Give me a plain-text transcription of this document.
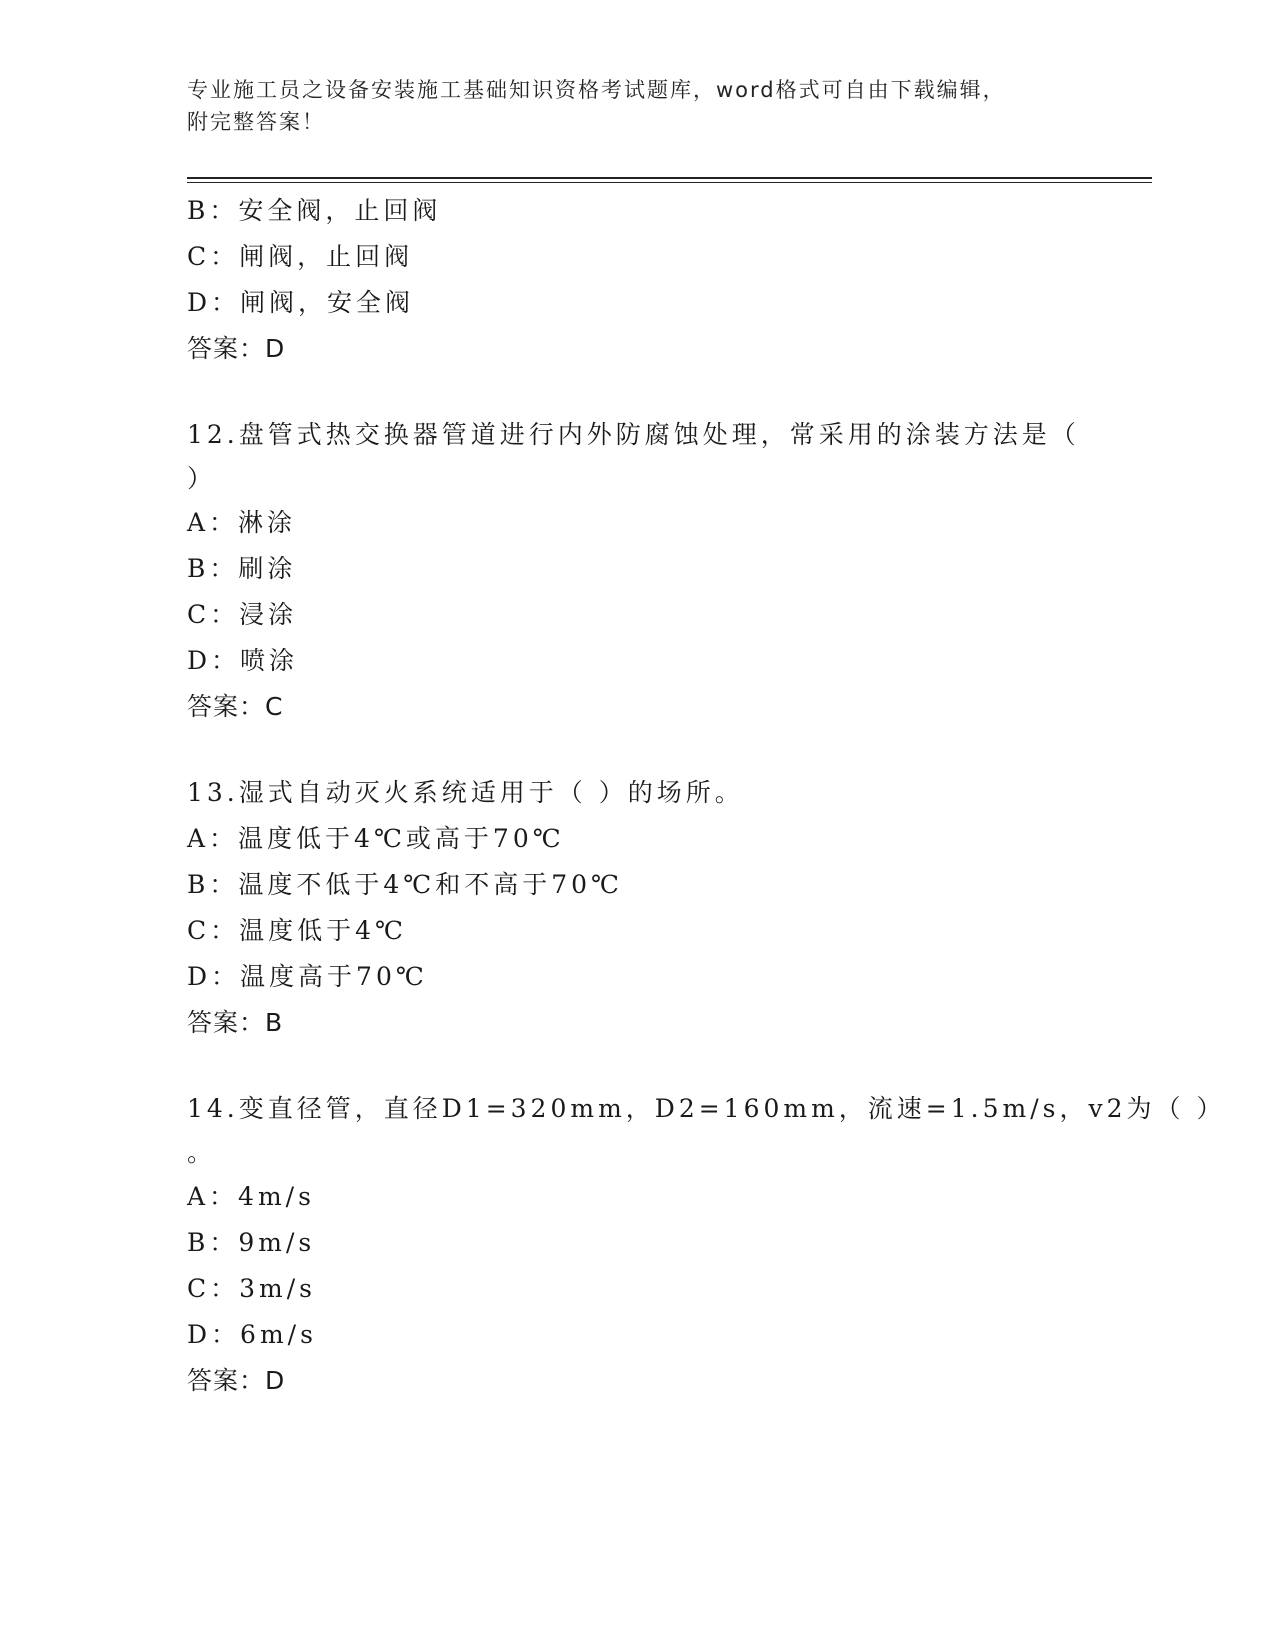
专业施工员之设备安装施工基础知识资格考试题库，word格式可自由下载编辑，
附完整答案！
B：安全阀，止回阀
C：闸阀，止回阀
D：闸阀，安全阀
答案：D
12.盘管式热交换器管道进行内外防腐蚀处理，常采用的涂装方法是（
）
A：淋涂
B：刷涂
C：浸涂
D：喷涂
答案：C
13.湿式自动灭火系统适用于（ ）的场所。
A：温度低于4℃或高于70℃
B：温度不低于4℃和不高于70℃
C：温度低于4℃
D：温度高于70℃
答案：B
14.变直径管，直径D1=320mm，D2=160mm，流速=1.5m/s，v2为（ ）
。
A：4m/s
B：9m/s
C：3m/s
D：6m/s
答案：D
